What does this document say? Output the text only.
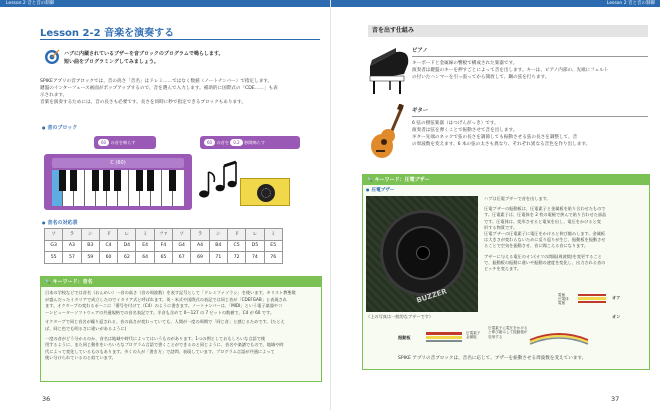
Lesson 2 音と音の制御
Lesson 2-2 音楽を演奏する
ハブに内蔵されているブザーを音ブロックのプログラムで鳴らします。
短い曲をプログラミングしてみましょう。
SPIKEアプリの音ブロックでは、音の高さ「音名」はドレミ……ではなく数値（ノートナンバー）で指定します。
鍵盤のインターフェース画面がポップアップするので、音を選んで入力します。補助的に国際式の「CDE……」も表
示されます。
音楽を演奏するためには、音の長さも必要です。長さを同時に秒で指定できるブロックもあります。
● 音のブロック
60 の音を鳴らす	60 の音を 0.2 秒間鳴らす
C (60)
● 音名の対応表
ソ	ラ	シ	ド	レ	ミ	ファ	ソ	ラ	シ	ド	レ	ミ
G3	A3	B3	C4	D4	E4	F4	G4	A4	B4	C5	D5	E5
55	57	59	60	62	64	65	67	69	71	72	74	76
🔍 キーワード：音名
日本の学校などでは音名（おんめい）一音の高さ（音の周波数）を表す記号として「ドレミファソラシ」を使います。キリスト教聖歌
が盛んだったイタリアで成立したのでイタリア式と呼ばれます。英・米式や国際式の表記では同じ音が「CDEFGAB」と表現され
ます。オクターブの変わるポーニに「番号を付けて（C4）のように書きます。ノートナンバーは、「MIDI」という電子楽器やコ
ーンピューターソフトウェアの共通規格での音名表記です。半音も含めて 0〜127 の 7 ビットの数値で、C4 が 60 です。
オクターブで同じ音名が繰り返される、音の高さが変わっていても、人間が一度の周期で「同じ音」と感じるためです。(たとえ
ば、同じ色でも明るさに違いがあるように)
一度の音がどう分かるのか、音名は地域や時代によってはいうものがあります。1つの例としておもしろいな言語で使
用するように、また同じ動作をいろいろなプログラム言語で書くことができるのと同じように、音名や楽譜でもので、地域や時
代によって変化しているものもあります。多くの人が「書き方」で話問、表現しています。プログラム言語が共通によって
使い分けられているのと似ています。
36
Lesson 2 音と音の制御
37
音を出す仕組み
ピアノ
キーボードと金属線の響板で構成された楽器です。
演奏者は鍵盤のキーを押すごとによって音を出します。キーは、ピアノ内部の、先端にフェルト
の付いたハンマーを引っ張ってから開放して、鋼の弦を打ちます。
ギター
6 弦の撥弦楽器（はつげんがっき）です。
演奏者は弦を弾くことで振動させて音を出します。
ギター先端のネックで弦の長さを調節しても振動させる弦の長さを調整して、音
の周波数を変えます。6 本の弦の太さも異なり、それぞれ異なる音色を作り出します。
🔍 キーワード：圧電ブザー
● 圧電ブザー
BUZZER
（上の写真は一般的なブザーです）
ハブは圧電ブザーで音を出します。
圧電ブザーの振動板は、圧電素子と金属板を貼り合わせたもので
す。圧電素子は、圧電体を 2 枚の電極で挟んで貼り合わせた部品
です。圧電体は、変形させると電気を出し、電圧をかけると変
形する物質です。
圧電ブザーの圧電素子に電圧をかけると伸び縮みします。金属板
は大きさが変わらないために反り返りが生じ、振動板を振動させ
ることで空気を振動させ、音に聞こえる音になります。
ブザーに与える電圧のオン(オフの間隔(周波数)を変更すること
で、振動板の振動に違いや振動の速度を変化し、出力される音の
ピッチを変えます。
電極
圧電体
電極
オフ
オン
振動板
圧電素子
金属板
圧電素子に電圧をかけると伸び縮みして振動板が変形する
SPIKE アプリの音ブロックは、音名に応じて、ブザーを振動させる周波数を変えています。
